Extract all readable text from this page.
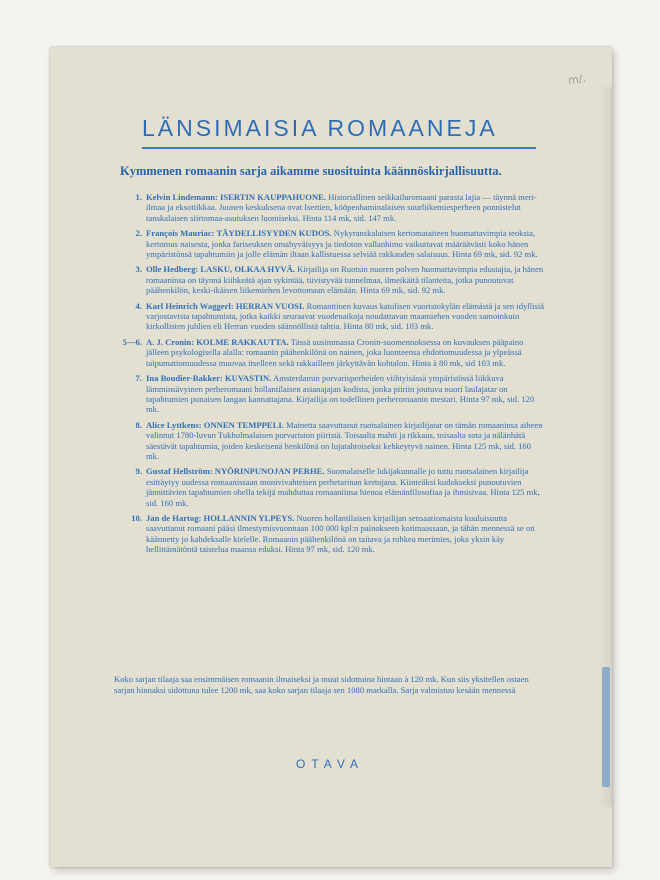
m/.
LÄNSIMAISIA ROMAANEJA
Kymmenen romaanin sarja aikamme suosituinta käännöskirjallisuutta.
1. Kelvin Lindemann: ISERTIN KAUPPAHUONE. Historiallinen seikkailuromaani parasta lajia — täynnä meri-ilmaa ja eksotiikkaa. Juonen keskuksena ovat Isertien, kööpenhaminalaisen suurliikemiesperheen ponnistelut tanskalaisen siirtomaa-asutuksen luomiseksi. Hinta 114 mk, sid. 147 mk.
2. François Mauriac: TÄYDELLISYYDEN KUDOS. Nykyranskalaisen kertomataiteen huomattavimpia teoksia, kertomus naisesta, jonka fariseuksen omahyväisyys ja tiedoton vallanhimo vaikuttavat määräävästi koko hänen ympäristönsä tapahtumiin ja jolle elämän iltaan kallistuessa selviää rakkauden salaisuus. Hinta 69 mk, sid. 92 mk.
3. Olle Hedberg: LASKU, OLKAA HYVÄ. Kirjailija on Ruotsin nuoren polven huomattavimpia edustajia, ja hänen romaaninsa on täynnä kiihkeätä ajan sykintää, tiivistyvää tunnelmaa, ilmeikäitä tilanteita, jotka punoutuvat päähenkilön, keski-ikäisen liikemiehen levottomaan elämään. Hinta 69 mk, sid. 92 mk.
4. Karl Heinrich Waggerl: HERRAN VUOSI. Romanttinen kuvaus katolisen vuoristokylän elämästä ja sen idyllisiä varjostavista tapahtumista, jotka kaikki seuraavat vuodenaikoja noudattavan maamiehen vuoden samoinkuin kirkollisten juhlien eli Herran vuoden säännöllistä tahtia. Hinta 80 mk, sid. 103 mk.
5—6. A. J. Cronin: KOLME RAKKAUTTA. Tässä uusimmassa Cronin-suomennoksessa on kuvauksen pääpaino jälleen psykologisella alalla: romaanin päähenkilönä on nainen, joka luonteensa ehdottomuudessa ja ylpeässä taipumattomuudessa muovaa itselleen sekä rakkailleen järkyttävän kohtalon. Hinta à 80 mk, sid 103 mk.
7. Ina Boudier-Bakker: KUVASTIN. Amsterdamin porvarisperheiden viihtyisässä ympäristössä liikkuva lämminsävyinen perheromaani hollantilaisen asianajajan kodista, jonka piiriin joutuva nuori laulajatar on tapahtumien punaisen langan kannattajana. Kirjailija on todellinen perheromaanin mestari. Hinta 97 mk, sid. 120 mk.
8. Alice Lyttkens: ONNEN TEMPPELI. Mainetta saavuttanut ruotsalainen kirjailijatar on tämän romaaninsa aiheen valinnut 1780-luvun Tukholmalaisen porvariston piiristä. Toisaalta mahti ja rikkaus, toisaalta sota ja nälänhätä säestävät tapahtumia, joiden keskeisenä henkilönä on lujatahtoiseksi kehkeytyvä nainen. Hinta 125 mk, sid. 160 mk.
9. Gustaf Hellström: NYÖRINPUNOJAN PERHE. Suomalaiselle lukijakunnalle jo tuttu ruotsalainen kirjailija esittäytyy uudessa romaanissaan monivivahteisen perhetarinan kertojana. Kiinteäksi kudokseksi punoutuvien jännittävien tapahtumien ohella tekijä mahduttaa romaaniinsa hienoa elämänfilosofiaa ja ihmisivaa. Hinta 125 mk, sid. 160 mk.
10. Jan de Hartog: HOLLANNIN YLPEYS. Nuoren hollantilaisen kirjailijan sensaatiomaista kuuluisuutta saavuttanut romaani pääsi ilmestymisvuonnaan 100 000 kpl:n painokseen kotimaassaan, ja tähän mennessä se on käännetty jo kahdeksalle kielelle. Romaanin päähenkilönä on taitava ja rohkea merimies, joka yksin käy hellittämätöntä taistelua maansa eduksi. Hinta 97 mk, sid. 120 mk.
Koko sarjan tilaaja saa ensimmäisen romaanin ilmaiseksi ja muut sidottuina hintaan à 120 mk. Kun siis yksitellen ostaen sarjan hinnaksi sidottuna tulee 1200 mk, saa koko sarjan tilaaja sen 1080 markalla. Sarja valmistuu kesään mennessä
OTAVA
